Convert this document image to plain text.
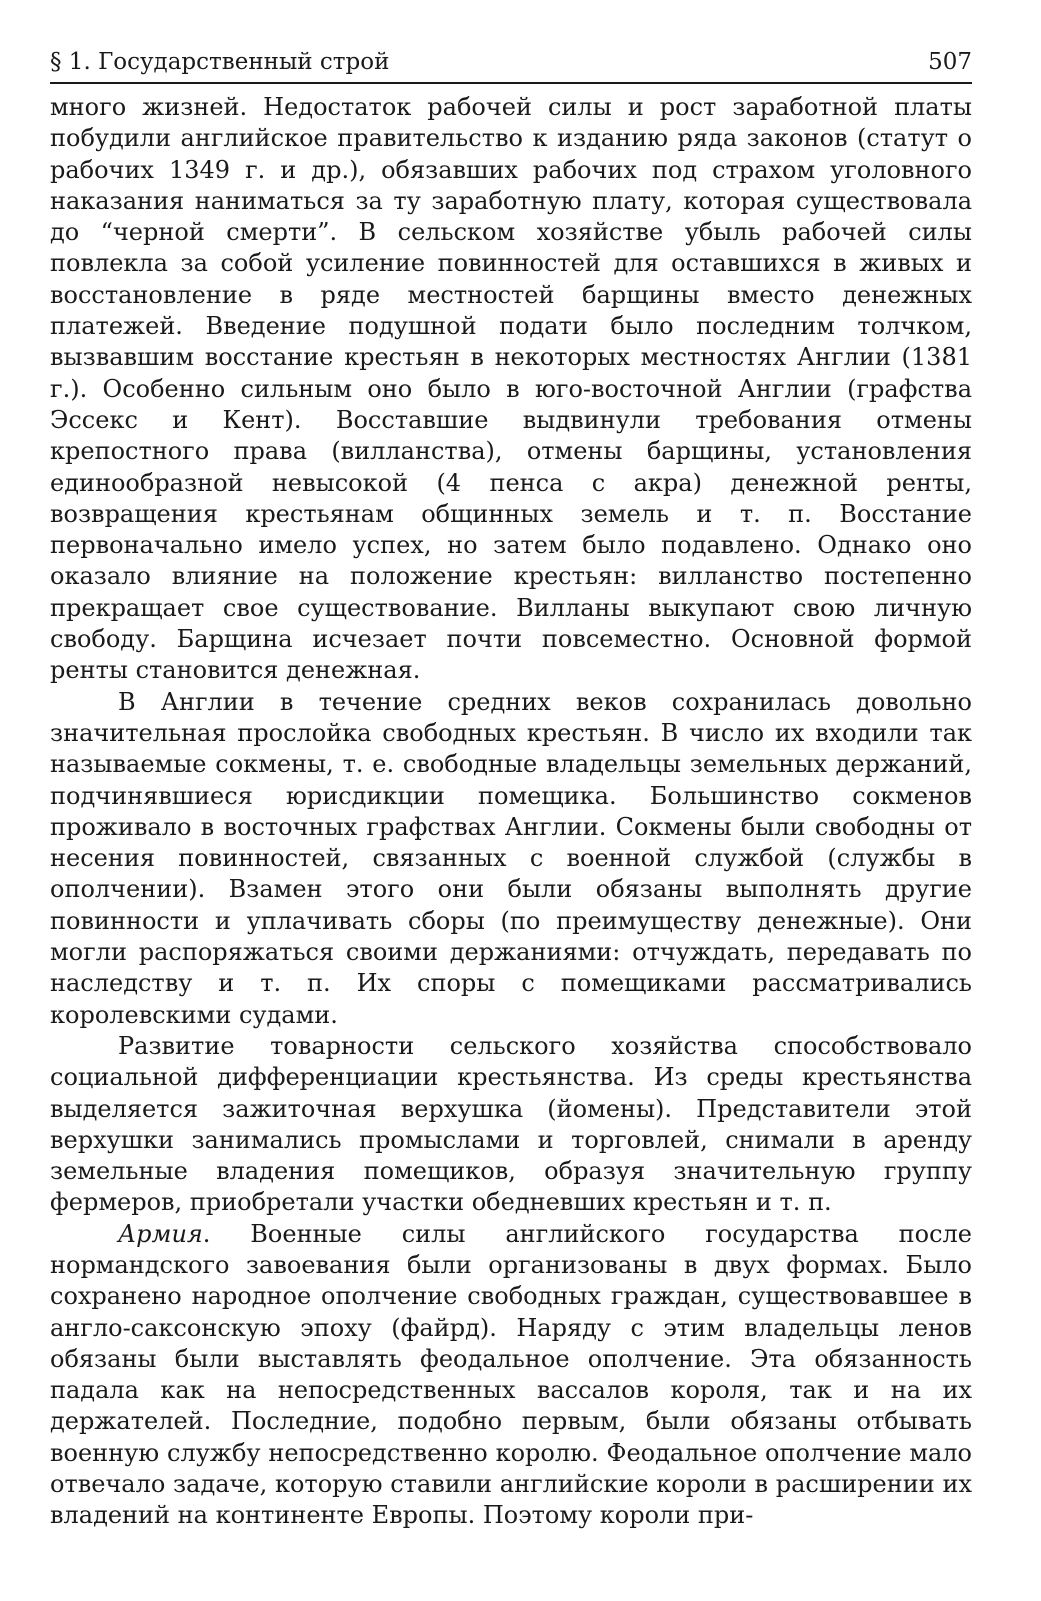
§ 1. Государственный строй	507

много жизней. Недостаток рабочей силы и рост заработной платы побудили английское правительство к изданию ряда законов (статут о рабочих 1349 г. и др.), обязавших рабочих под страхом уголовного наказания наниматься за ту заработную плату, которая существовала до “черной смерти”. В сельском хозяйстве убыль рабочей силы повлекла за собой усиление повинностей для оставшихся в живых и восстановление в ряде местностей барщины вместо денежных платежей. Введение подушной подати было последним толчком, вызвавшим восстание крестьян в некоторых местностях Англии (1381 г.). Особенно сильным оно было в юго-восточной Англии (графства Эссекс и Кент). Восставшие выдвинули требования отмены крепостного права (вилланства), отмены барщины, установления единообразной невысокой (4 пенса с акра) денежной ренты, возвращения крестьянам общинных земель и т. п. Восстание первоначально имело успех, но затем было подавлено. Однако оно оказало влияние на положение крестьян: вилланство постепенно прекращает свое существование. Вилланы выкупают свою личную свободу. Барщина исчезает почти повсеместно. Основной формой ренты становится денежная.

В Англии в течение средних веков сохранилась довольно значительная прослойка свободных крестьян. В число их входили так называемые сокмены, т. е. свободные владельцы земельных держаний, подчинявшиеся юрисдикции помещика. Большинство сокменов проживало в восточных графствах Англии. Сокмены были свободны от несения повинностей, связанных с военной службой (службы в ополчении). Взамен этого они были обязаны выполнять другие повинности и уплачивать сборы (по преимуществу денежные). Они могли распоряжаться своими держаниями: отчуждать, передавать по наследству и т. п. Их споры с помещиками рассматривались королевскими судами.

Развитие товарности сельского хозяйства способствовало социальной дифференциации крестьянства. Из среды крестьянства выделяется зажиточная верхушка (йомены). Представители этой верхушки занимались промыслами и торговлей, снимали в аренду земельные владения помещиков, образуя значительную группу фермеров, приобретали участки обедневших крестьян и т. п.

Армия. Военные силы английского государства после нормандского завоевания были организованы в двух формах. Было сохранено народное ополчение свободных граждан, существовавшее в англо-саксонскую эпоху (файрд). Наряду с этим владельцы ленов обязаны были выставлять феодальное ополчение. Эта обязанность падала как на непосредственных вассалов короля, так и на их держателей. Последние, подобно первым, были обязаны отбывать военную службу непосредственно королю. Феодальное ополчение мало отвечало задаче, которую ставили английские короли в расширении их владений на континенте Европы. Поэтому короли при-
